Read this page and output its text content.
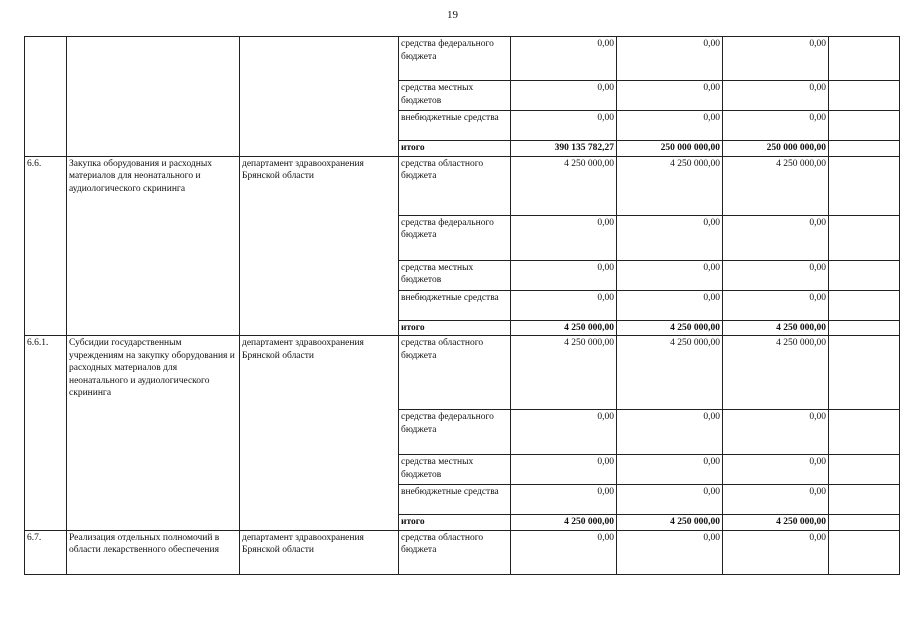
19
			средства федерального бюджета	0,00	0,00	0,00	
			средства местных бюджетов	0,00	0,00	0,00	
			внебюджетные средства	0,00	0,00	0,00	
			итого	390 135 782,27	250 000 000,00	250 000 000,00	
6.6.	Закупка оборудования и расходных материалов для неонатального и аудиологического скрининга	департамент здравоохранения Брянской области	средства областного бюджета	4 250 000,00	4 250 000,00	4 250 000,00	
			средства федерального бюджета	0,00	0,00	0,00	
			средства местных бюджетов	0,00	0,00	0,00	
			внебюджетные средства	0,00	0,00	0,00	
			итого	4 250 000,00	4 250 000,00	4 250 000,00	
6.6.1.	Субсидии государственным учреждениям на закупку оборудования и расходных материалов для неонатального и аудиологического скрининга	департамент здравоохранения Брянской области	средства областного бюджета	4 250 000,00	4 250 000,00	4 250 000,00	
			средства федерального бюджета	0,00	0,00	0,00	
			средства местных бюджетов	0,00	0,00	0,00	
			внебюджетные средства	0,00	0,00	0,00	
			итого	4 250 000,00	4 250 000,00	4 250 000,00	
6.7.	Реализация отдельных полномочий в области лекарственного обеспечения	департамент здравоохранения Брянской области	средства областного бюджета	0,00	0,00	0,00	
